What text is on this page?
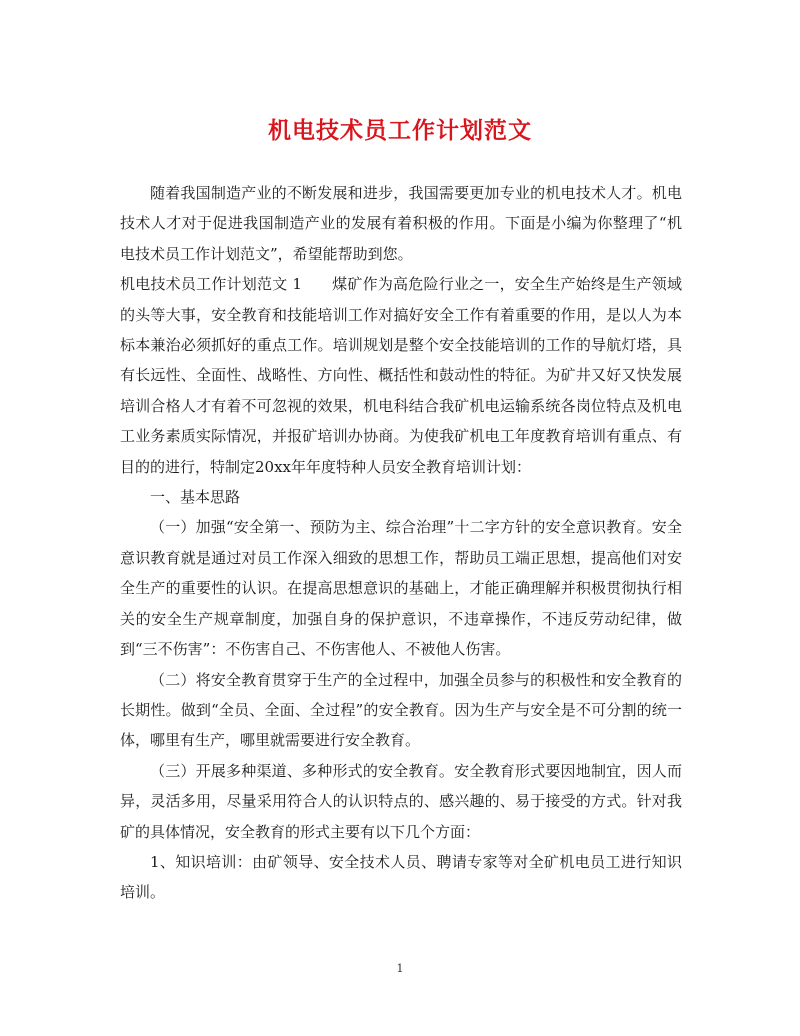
机电技术员工作计划范文

随着我国制造产业的不断发展和进步，我国需要更加专业的机电技术人才。机电技术人才对于促进我国制造产业的发展有着积极的作用。下面是小编为你整理了“机电技术员工作计划范文”，希望能帮助到您。

机电技术员工作计划范文 1 煤矿作为高危险行业之一，安全生产始终是生产领域的头等大事，安全教育和技能培训工作对搞好安全工作有着重要的作用，是以人为本标本兼治必须抓好的重点工作。培训规划是整个安全技能培训的工作的导航灯塔，具有长远性、全面性、战略性、方向性、概括性和鼓动性的特征。为矿井又好又快发展培训合格人才有着不可忽视的效果，机电科结合我矿机电运输系统各岗位特点及机电工业务素质实际情况，并报矿培训办协商。为使我矿机电工年度教育培训有重点、有目的的进行，特制定20xx年年度特种人员安全教育培训计划：

一、基本思路

（一）加强“安全第一、预防为主、综合治理”十二字方针的安全意识教育。安全意识教育就是通过对员工作深入细致的思想工作，帮助员工端正思想，提高他们对安全生产的重要性的认识。在提高思想意识的基础上，才能正确理解并积极贯彻执行相关的安全生产规章制度，加强自身的保护意识，不违章操作，不违反劳动纪律，做到“三不伤害”：不伤害自己、不伤害他人、不被他人伤害。

（二）将安全教育贯穿于生产的全过程中，加强全员参与的积极性和安全教育的长期性。做到“全员、全面、全过程”的安全教育。因为生产与安全是不可分割的统一体，哪里有生产，哪里就需要进行安全教育。

（三）开展多种渠道、多种形式的安全教育。安全教育形式要因地制宜，因人而异，灵活多用，尽量采用符合人的认识特点的、感兴趣的、易于接受的方式。针对我矿的具体情况，安全教育的形式主要有以下几个方面：

1、知识培训：由矿领导、安全技术人员、聘请专家等对全矿机电员工进行知识培训。

1
